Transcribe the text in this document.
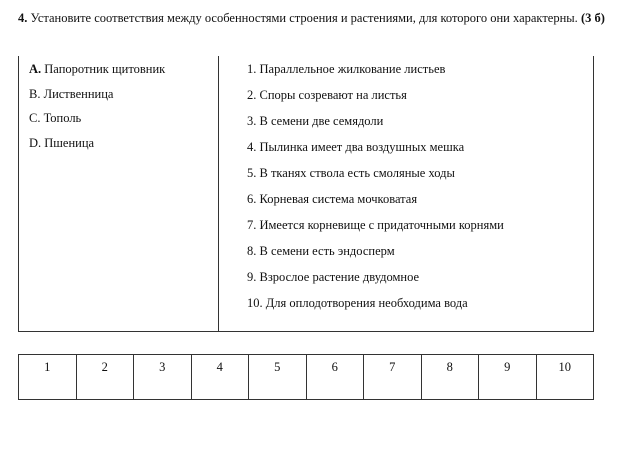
4. Установите соответствия между особенностями строения и растениями, для которого они характерны. (3 б)
A. Папоротник щитовник
B. Лиственница
C. Тополь
D. Пшеница
1. Параллельное жилкование листьев
2. Споры созревают на листья
3. В семени две семядоли
4. Пылинка имеет два воздушных мешка
5. В тканях ствола есть смоляные ходы
6. Корневая система мочковатая
7. Имеется корневище с придаточными корнями
8. В семени есть эндосперм
9. Взрослое растение двудомное
10. Для оплодотворения необходима вода
1	2	3	4	5	6	7	8	9	10
